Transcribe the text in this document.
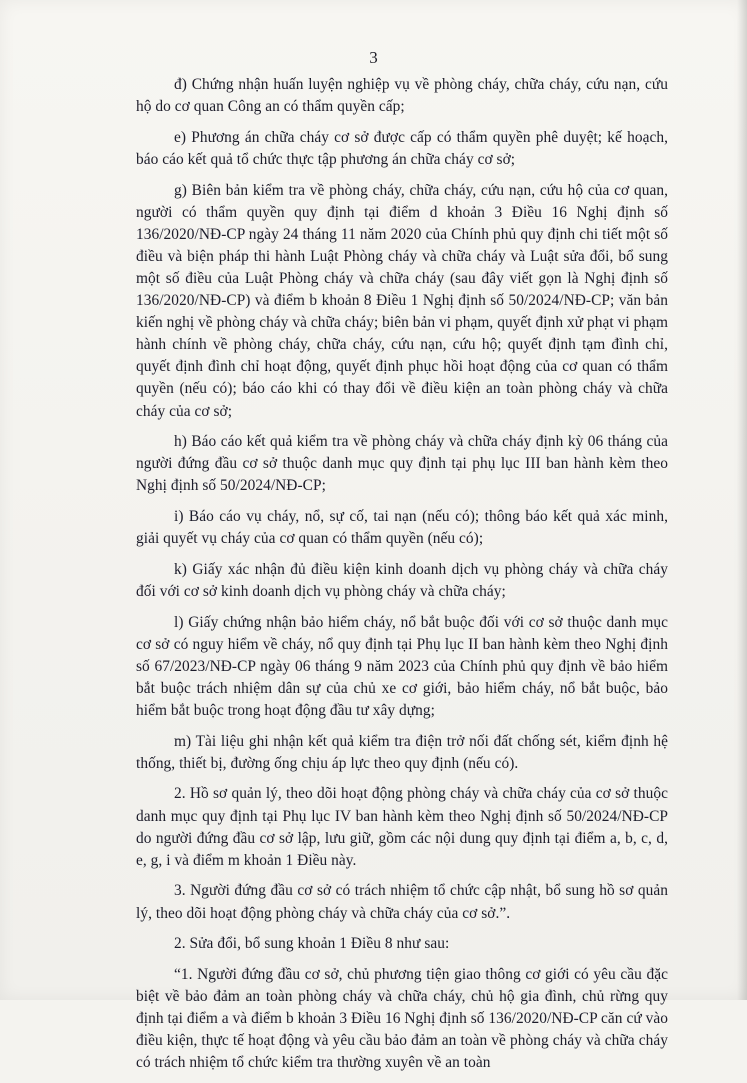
3

đ) Chứng nhận huấn luyện nghiệp vụ về phòng cháy, chữa cháy, cứu nạn, cứu hộ do cơ quan Công an có thẩm quyền cấp;

e) Phương án chữa cháy cơ sở được cấp có thẩm quyền phê duyệt; kế hoạch, báo cáo kết quả tổ chức thực tập phương án chữa cháy cơ sở;

g) Biên bản kiểm tra về phòng cháy, chữa cháy, cứu nạn, cứu hộ của cơ quan, người có thẩm quyền quy định tại điểm d khoản 3 Điều 16 Nghị định số 136/2020/NĐ-CP ngày 24 tháng 11 năm 2020 của Chính phủ quy định chi tiết một số điều và biện pháp thi hành Luật Phòng cháy và chữa cháy và Luật sửa đổi, bổ sung một số điều của Luật Phòng cháy và chữa cháy (sau đây viết gọn là Nghị định số 136/2020/NĐ-CP) và điểm b khoản 8 Điều 1 Nghị định số 50/2024/NĐ-CP; văn bản kiến nghị về phòng cháy và chữa cháy; biên bản vi phạm, quyết định xử phạt vi phạm hành chính về phòng cháy, chữa cháy, cứu nạn, cứu hộ; quyết định tạm đình chỉ, quyết định đình chỉ hoạt động, quyết định phục hồi hoạt động của cơ quan có thẩm quyền (nếu có); báo cáo khi có thay đổi về điều kiện an toàn phòng cháy và chữa cháy của cơ sở;

h) Báo cáo kết quả kiểm tra về phòng cháy và chữa cháy định kỳ 06 tháng của người đứng đầu cơ sở thuộc danh mục quy định tại phụ lục III ban hành kèm theo Nghị định số 50/2024/NĐ-CP;

i) Báo cáo vụ cháy, nổ, sự cố, tai nạn (nếu có); thông báo kết quả xác minh, giải quyết vụ cháy của cơ quan có thẩm quyền (nếu có);

k) Giấy xác nhận đủ điều kiện kinh doanh dịch vụ phòng cháy và chữa cháy đối với cơ sở kinh doanh dịch vụ phòng cháy và chữa cháy;

l) Giấy chứng nhận bảo hiểm cháy, nổ bắt buộc đối với cơ sở thuộc danh mục cơ sở có nguy hiểm về cháy, nổ quy định tại Phụ lục II ban hành kèm theo Nghị định số 67/2023/NĐ-CP ngày 06 tháng 9 năm 2023 của Chính phủ quy định về bảo hiểm bắt buộc trách nhiệm dân sự của chủ xe cơ giới, bảo hiểm cháy, nổ bắt buộc, bảo hiểm bắt buộc trong hoạt động đầu tư xây dựng;

m) Tài liệu ghi nhận kết quả kiểm tra điện trở nối đất chống sét, kiểm định hệ thống, thiết bị, đường ống chịu áp lực theo quy định (nếu có).

2. Hồ sơ quản lý, theo dõi hoạt động phòng cháy và chữa cháy của cơ sở thuộc danh mục quy định tại Phụ lục IV ban hành kèm theo Nghị định số 50/2024/NĐ-CP do người đứng đầu cơ sở lập, lưu giữ, gồm các nội dung quy định tại điểm a, b, c, d, e, g, i và điểm m khoản 1 Điều này.

3. Người đứng đầu cơ sở có trách nhiệm tổ chức cập nhật, bổ sung hồ sơ quản lý, theo dõi hoạt động phòng cháy và chữa cháy của cơ sở.”.

2. Sửa đổi, bổ sung khoản 1 Điều 8 như sau:

“1. Người đứng đầu cơ sở, chủ phương tiện giao thông cơ giới có yêu cầu đặc biệt về bảo đảm an toàn phòng cháy và chữa cháy, chủ hộ gia đình, chủ rừng quy định tại điểm a và điểm b khoản 3 Điều 16 Nghị định số 136/2020/NĐ-CP căn cứ vào điều kiện, thực tế hoạt động và yêu cầu bảo đảm an toàn về phòng cháy và chữa cháy có trách nhiệm tổ chức kiểm tra thường xuyên về an toàn
